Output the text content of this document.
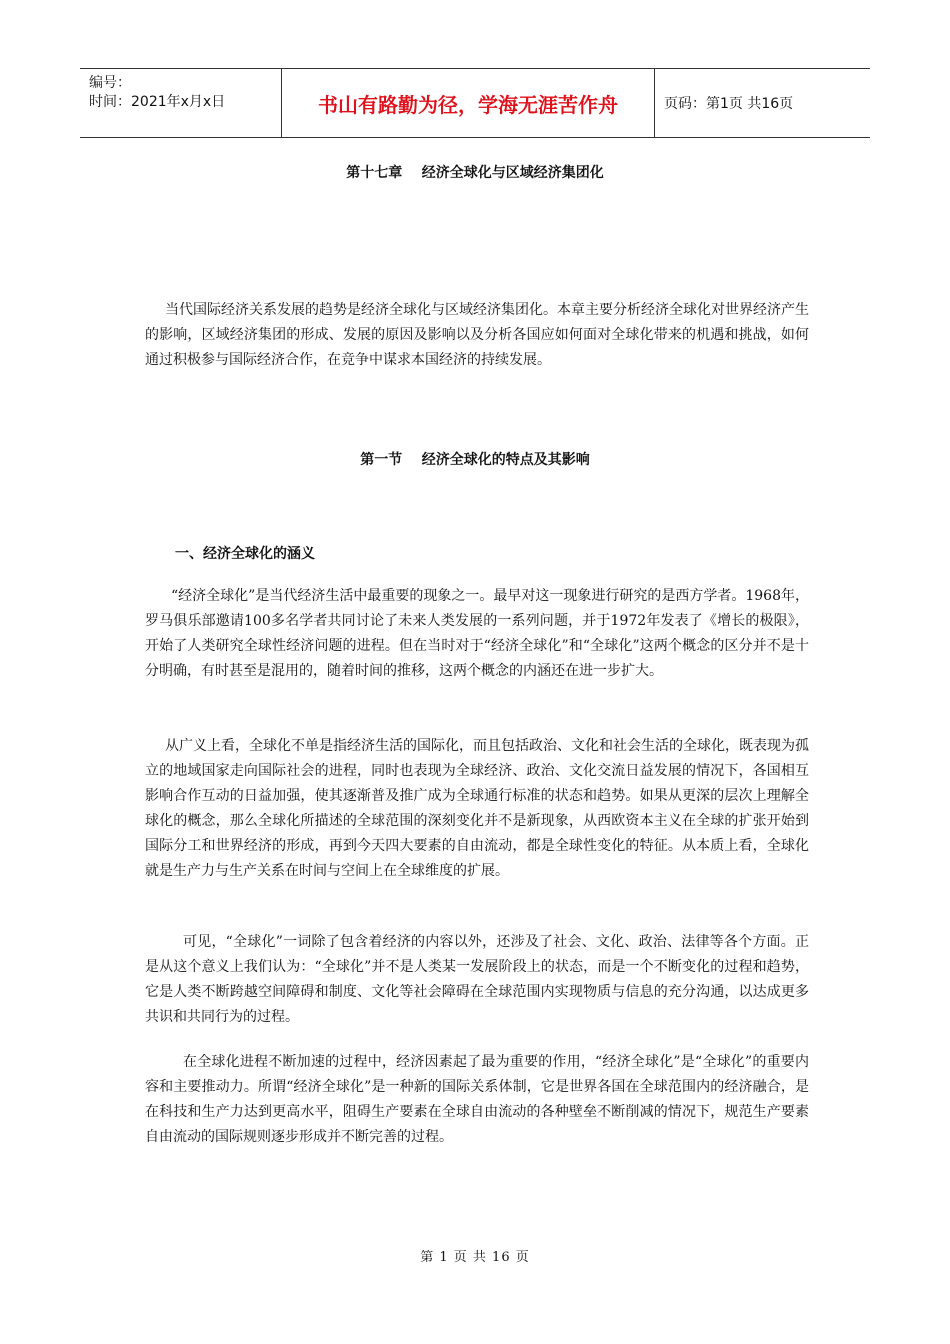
编号：
时间：2021年x月x日	书山有路勤为径，学海无涯苦作舟	页码：第1页 共16页
第十七章    经济全球化与区域经济集团化

当代国际经济关系发展的趋势是经济全球化与区域经济集团化。本章主要分析经济全球化对世界经济产生的影响，区域经济集团的形成、发展的原因及影响以及分析各国应如何面对全球化带来的机遇和挑战，如何通过积极参与国际经济合作，在竞争中谋求本国经济的持续发展。

第一节    经济全球化的特点及其影响
一、经济全球化的涵义

“经济全球化”是当代经济生活中最重要的现象之一。最早对这一现象进行研究的是西方学者。1968年，罗马俱乐部邀请100多名学者共同讨论了未来人类发展的一系列问题，并于1972年发表了《增长的极限》，开始了人类研究全球性经济问题的进程。但在当时对于“经济全球化”和“全球化”这两个概念的区分并不是十分明确，有时甚至是混用的，随着时间的推移，这两个概念的内涵还在进一步扩大。

从广义上看，全球化不单是指经济生活的国际化，而且包括政治、文化和社会生活的全球化，既表现为孤立的地域国家走向国际社会的进程，同时也表现为全球经济、政治、文化交流日益发展的情况下，各国相互影响合作互动的日益加强，使其逐渐普及推广成为全球通行标准的状态和趋势。如果从更深的层次上理解全球化的概念，那么全球化所描述的全球范围的深刻变化并不是新现象，从西欧资本主义在全球的扩张开始到国际分工和世界经济的形成，再到今天四大要素的自由流动，都是全球性变化的特征。从本质上看，全球化就是生产力与生产关系在时间与空间上在全球维度的扩展。

可见，“全球化”一词除了包含着经济的内容以外，还涉及了社会、文化、政治、法律等各个方面。正是从这个意义上我们认为：“全球化”并不是人类某一发展阶段上的状态，而是一个不断变化的过程和趋势，它是人类不断跨越空间障碍和制度、文化等社会障碍在全球范围内实现物质与信息的充分沟通，以达成更多共识和共同行为的过程。

在全球化进程不断加速的过程中，经济因素起了最为重要的作用，“经济全球化”是“全球化”的重要内容和主要推动力。所谓“经济全球化”是一种新的国际关系体制，它是世界各国在全球范围内的经济融合，是在科技和生产力达到更高水平，阻碍生产要素在全球自由流动的各种壁垒不断削减的情况下，规范生产要素自由流动的国际规则逐步形成并不断完善的过程。

第 1 页 共 16 页
